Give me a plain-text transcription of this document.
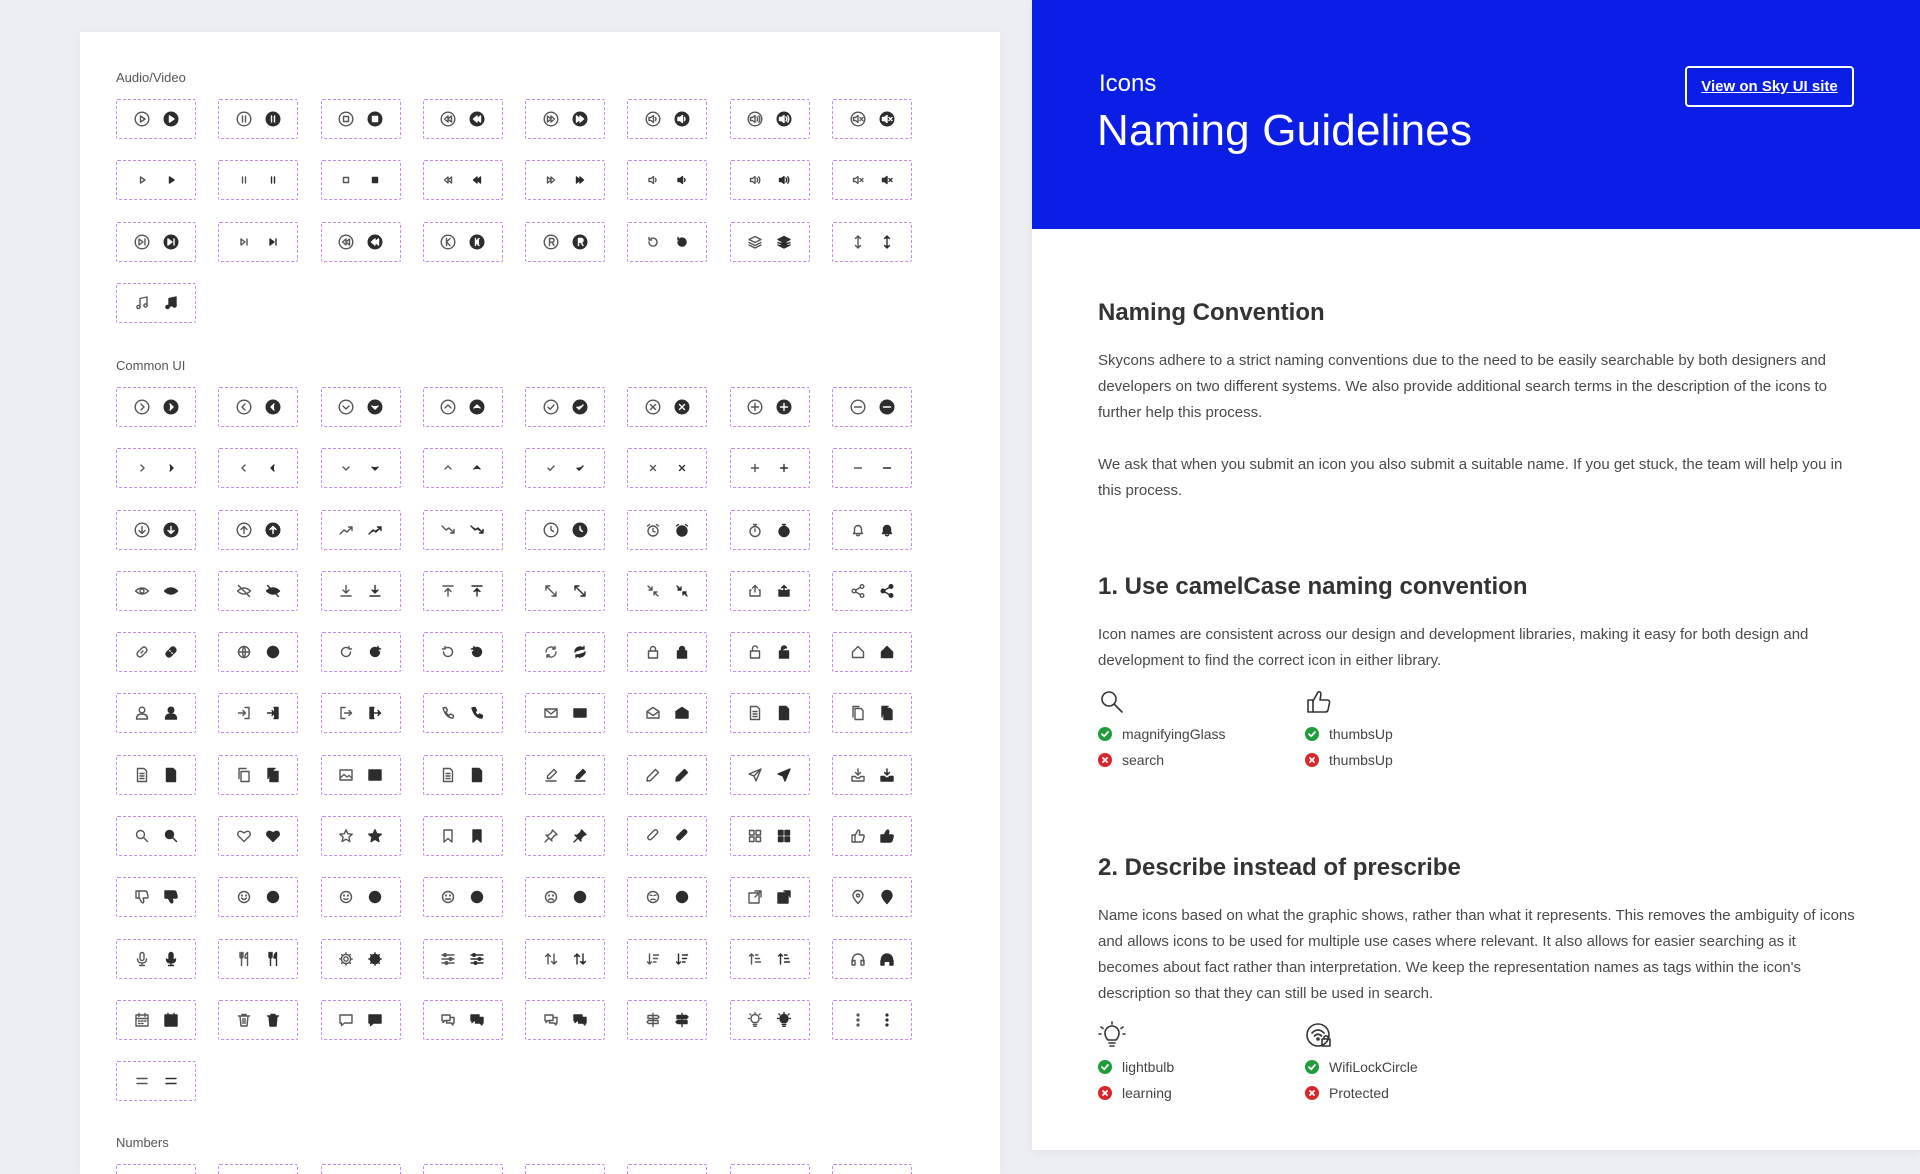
Audio/Video
Common UI
Numbers
Icons
Naming Guidelines
View on Sky UI site
Naming Convention
Skycons adhere to a strict naming conventions due to the need to be easily searchable by both designers and developers on two different systems. We also provide additional search terms in the description of the icons to further help this process.
We ask that when you submit an icon you also submit a suitable name. If you get stuck, the team will help you in this process.
1. Use camelCase naming convention
Icon names are consistent across our design and development libraries, making it easy for both design and development to find the correct icon in either library.
magnifyingGlass
search
thumbsUp
thumbsUp
2. Describe instead of prescribe
Name icons based on what the graphic shows, rather than what it represents. This removes the ambiguity of icons and allows icons to be used for multiple use cases where relevant. It also allows for easier searching as it becomes about fact rather than interpretation. We keep the representation names as tags within the icon's description so that they can still be used in search.
lightbulb
learning
WifiLockCircle
Protected
